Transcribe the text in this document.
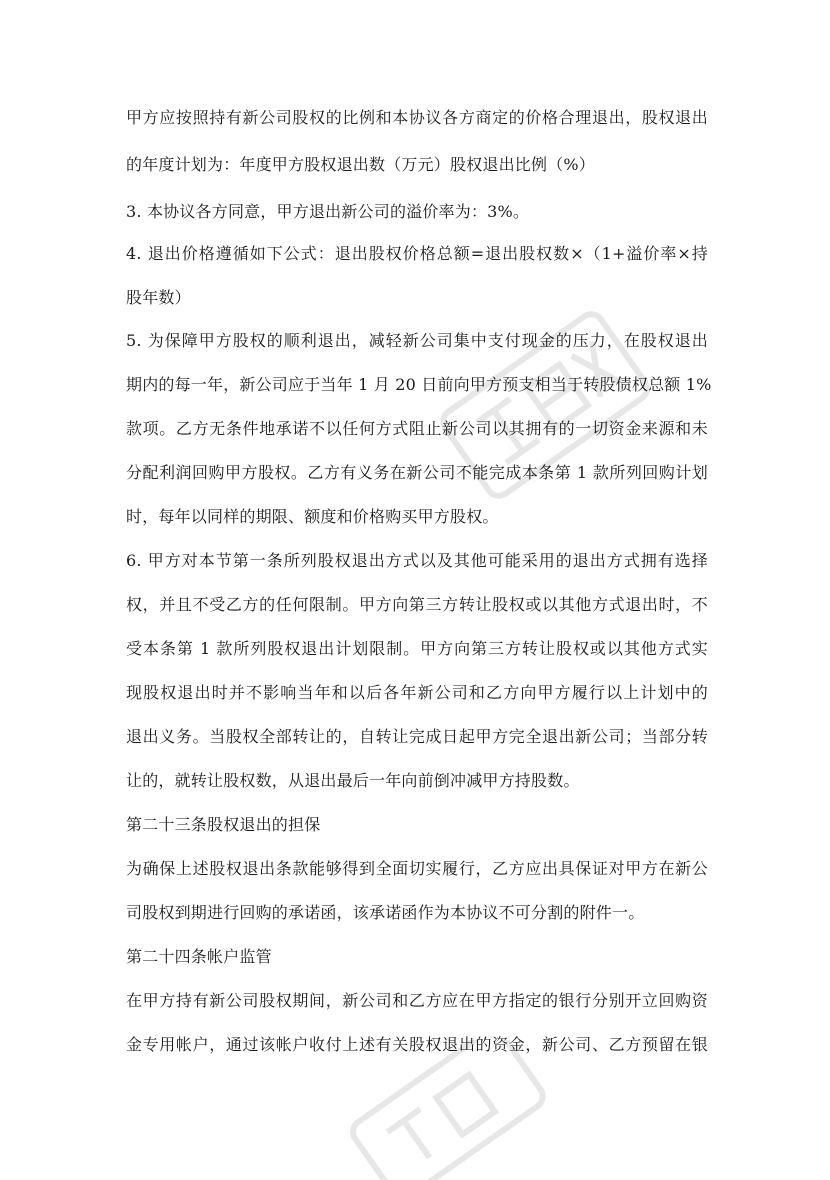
甲方应按照持有新公司股权的比例和本协议各方商定的价格合理退出，股权退出
的年度计划为：年度甲方股权退出数（万元）股权退出比例（%）
3. 本协议各方同意，甲方退出新公司的溢价率为：3%。
4. 退出价格遵循如下公式：退出股权价格总额=退出股权数×（1+溢价率×持
股年数）
5. 为保障甲方股权的顺利退出，减轻新公司集中支付现金的压力，在股权退出
期内的每一年，新公司应于当年 1 月 20 日前向甲方预支相当于转股债权总额 1%
款项。乙方无条件地承诺不以任何方式阻止新公司以其拥有的一切资金来源和未
分配利润回购甲方股权。乙方有义务在新公司不能完成本条第 1 款所列回购计划
时，每年以同样的期限、额度和价格购买甲方股权。
6. 甲方对本节第一条所列股权退出方式以及其他可能采用的退出方式拥有选择
权，并且不受乙方的任何限制。甲方向第三方转让股权或以其他方式退出时，不
受本条第 1 款所列股权退出计划限制。甲方向第三方转让股权或以其他方式实
现股权退出时并不影响当年和以后各年新公司和乙方向甲方履行以上计划中的
退出义务。当股权全部转让的，自转让完成日起甲方完全退出新公司；当部分转
让的，就转让股权数，从退出最后一年向前倒冲减甲方持股数。
第二十三条股权退出的担保
为确保上述股权退出条款能够得到全面切实履行，乙方应出具保证对甲方在新公
司股权到期进行回购的承诺函，该承诺函作为本协议不可分割的附件一。
第二十四条帐户监管
在甲方持有新公司股权期间，新公司和乙方应在甲方指定的银行分别开立回购资
金专用帐户，通过该帐户收付上述有关股权退出的资金，新公司、乙方预留在银
